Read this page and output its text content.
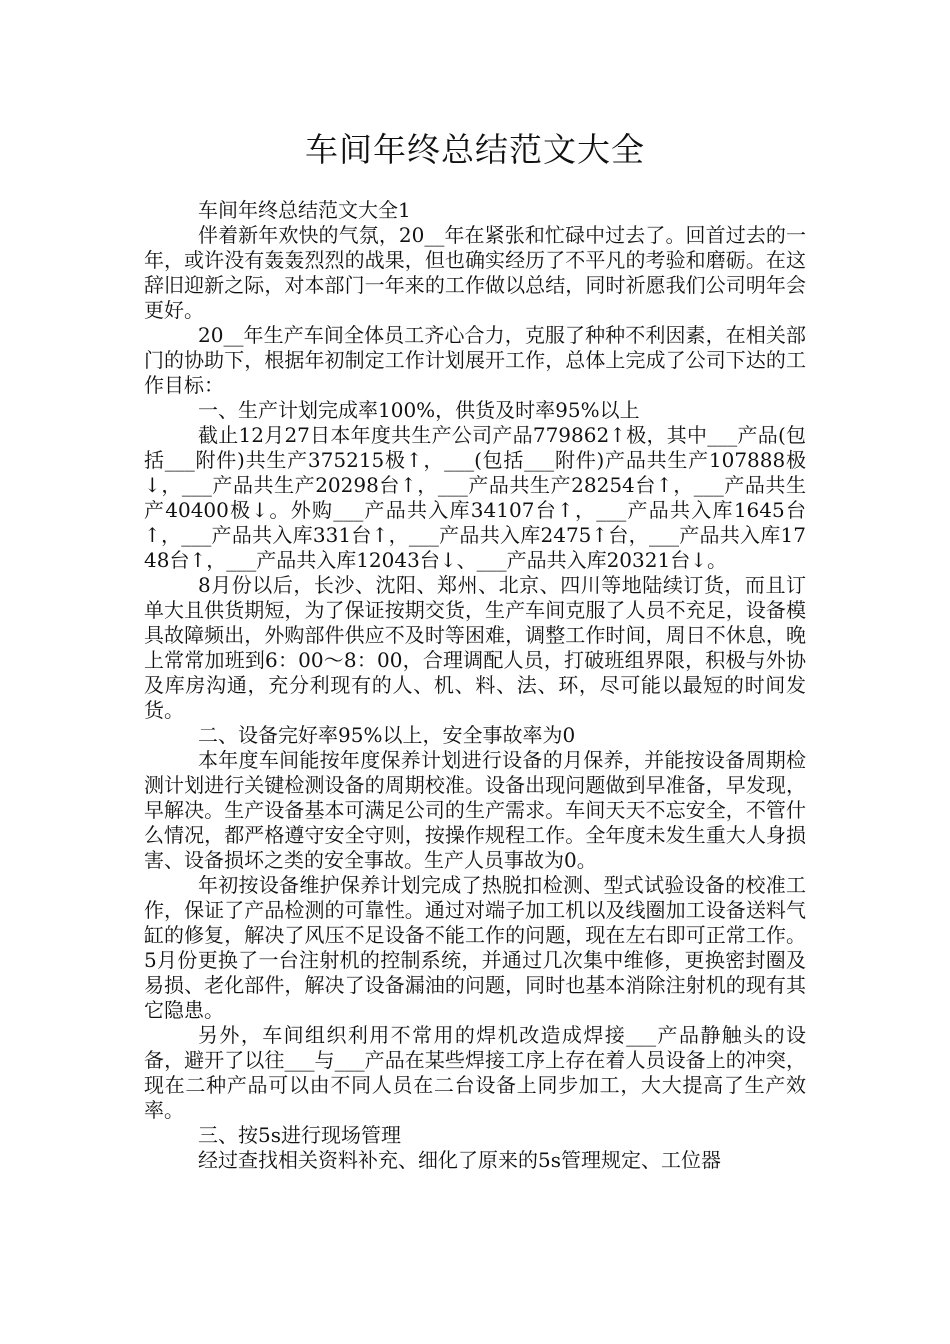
车间年终总结范文大全

车间年终总结范文大全1

伴着新年欢快的气氛，20__年在紧张和忙碌中过去了。回首过去的一年，或许没有轰轰烈烈的战果，但也确实经历了不平凡的考验和磨砺。在这辞旧迎新之际，对本部门一年来的工作做以总结，同时祈愿我们公司明年会更好。

20__年生产车间全体员工齐心合力，克服了种种不利因素，在相关部门的协助下，根据年初制定工作计划展开工作，总体上完成了公司下达的工作目标：

一、生产计划完成率100%，供货及时率95%以上

截止12月27日本年度共生产公司产品779862↑极，其中___产品(包括___附件)共生产375215极↑，___(包括___附件)产品共生产107888极↓，___产品共生产20298台↑，___产品共生产28254台↑，___产品共生产40400极↓。外购___产品共入库34107台↑，___产品共入库1645台↑，___产品共入库331台↑，___产品共入库2475↑台，___产品共入库1748台↑，___产品共入库12043台↓、___产品共入库20321台↓。

8月份以后，长沙、沈阳、郑州、北京、四川等地陆续订货，而且订单大且供货期短，为了保证按期交货，生产车间克服了人员不充足，设备模具故障频出，外购部件供应不及时等困难，调整工作时间，周日不休息，晚上常常加班到6：00～8：00，合理调配人员，打破班组界限，积极与外协及库房沟通，充分利现有的人、机、料、法、环，尽可能以最短的时间发货。

二、设备完好率95%以上，安全事故率为0

本年度车间能按年度保养计划进行设备的月保养，并能按设备周期检测计划进行关键检测设备的周期校准。设备出现问题做到早准备，早发现，早解决。生产设备基本可满足公司的生产需求。车间天天不忘安全，不管什么情况，都严格遵守安全守则，按操作规程工作。全年度未发生重大人身损害、设备损坏之类的安全事故。生产人员事故为0。

年初按设备维护保养计划完成了热脱扣检测、型式试验设备的校准工作，保证了产品检测的可靠性。通过对端子加工机以及线圈加工设备送料气缸的修复，解决了风压不足设备不能工作的问题，现在左右即可正常工作。5月份更换了一台注射机的控制系统，并通过几次集中维修，更换密封圈及易损、老化部件，解决了设备漏油的问题，同时也基本消除注射机的现有其它隐患。

另外，车间组织利用不常用的焊机改造成焊接___产品静触头的设备，避开了以往___与___产品在某些焊接工序上存在着人员设备上的冲突，现在二种产品可以由不同人员在二台设备上同步加工，大大提高了生产效率。

三、按5s进行现场管理

经过查找相关资料补充、细化了原来的5s管理规定、工位器
